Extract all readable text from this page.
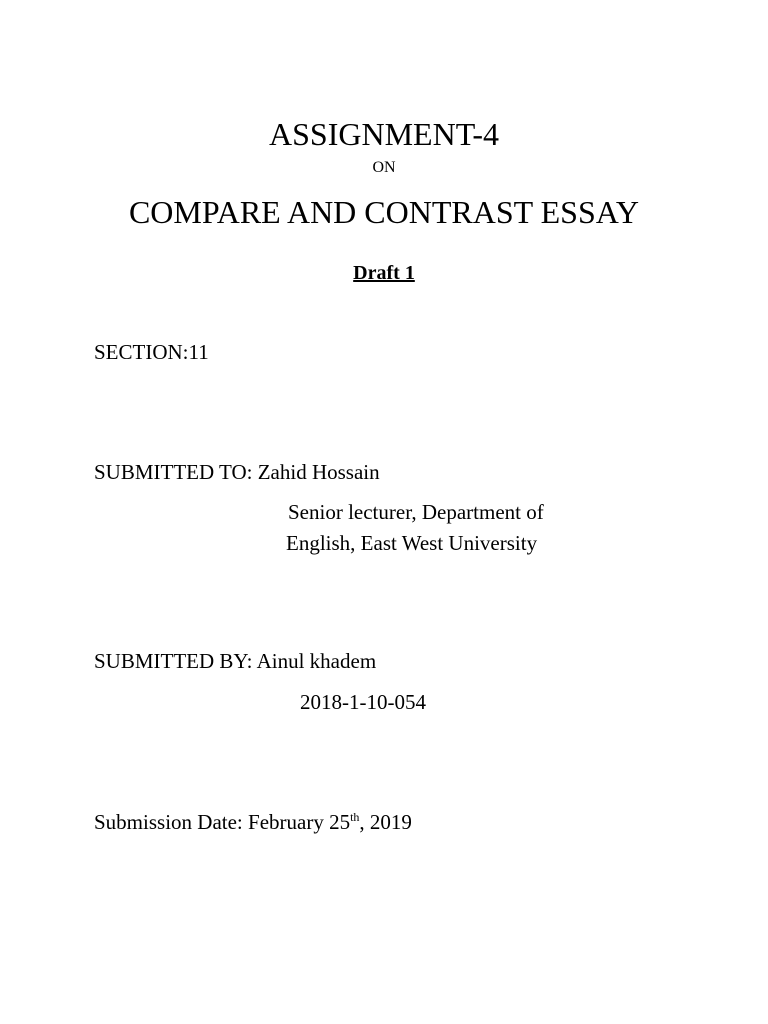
ASSIGNMENT-4
ON
COMPARE AND CONTRAST ESSAY
Draft 1
SECTION:11
SUBMITTED TO: Zahid Hossain
Senior lecturer, Department of
English, East West University
SUBMITTED BY: Ainul khadem
2018-1-10-054
Submission Date: February 25th, 2019
